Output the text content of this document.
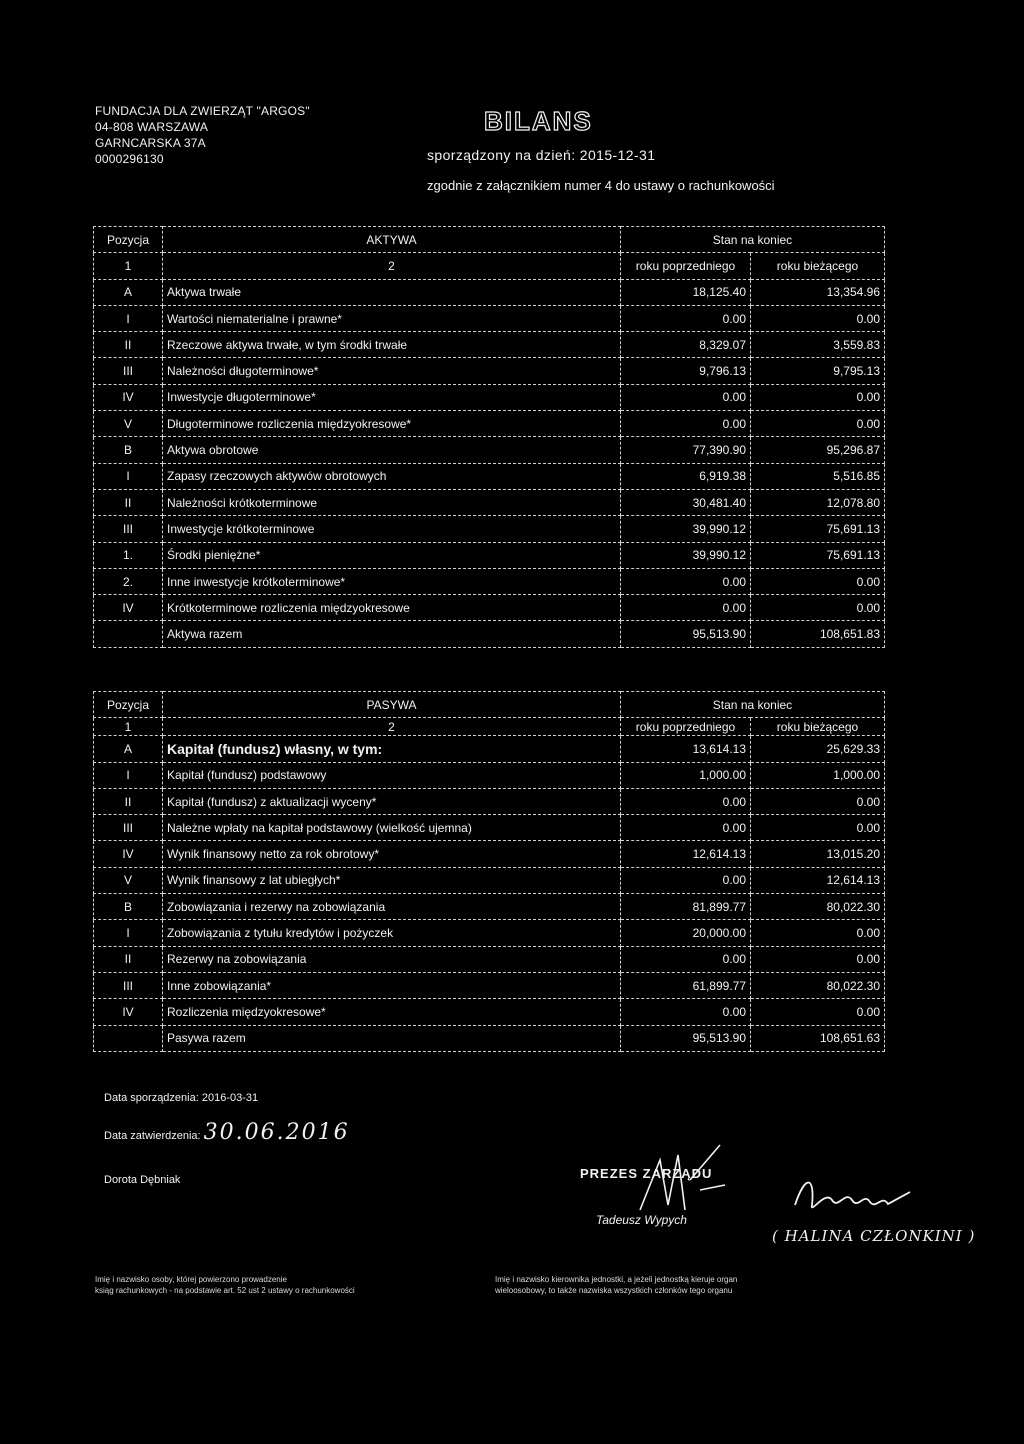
FUNDACJA DLA ZWIERZĄT "ARGOS"
04-808 WARSZAWA
GARNCARSKA 37A
0000296130
BILANS
sporządzony na dzień: 2015-12-31
zgodnie z załącznikiem numer 4 do ustawy o rachunkowości
Pozycja	AKTYWA	Stan na koniec	
1	2	roku poprzedniego	roku bieżącego
A	Aktywa trwałe	18,125.40	13,354.96
I	Wartości niematerialne i prawne*	0.00	0.00
II	Rzeczowe aktywa trwałe, w tym środki trwałe	8,329.07	3,559.83
III	Należności długoterminowe*	9,796.13	9,795.13
IV	Inwestycje długoterminowe*	0.00	0.00
V	Długoterminowe rozliczenia międzyokresowe*	0.00	0.00
B	Aktywa obrotowe	77,390.90	95,296.87
I	Zapasy rzeczowych aktywów obrotowych	6,919.38	5,516.85
II	Należności krótkoterminowe	30,481.40	12,078.80
III	Inwestycje krótkoterminowe	39,990.12	75,691.13
1.	Środki pieniężne*	39,990.12	75,691.13
2.	Inne inwestycje krótkoterminowe*	0.00	0.00
IV	Krótkoterminowe rozliczenia międzyokresowe	0.00	0.00
	Aktywa razem	95,513.90	108,651.83
Pozycja	PASYWA	Stan na koniec	
1	2	roku poprzedniego	roku bieżącego
A	Kapitał (fundusz) własny, w tym:	13,614.13	25,629.33
I	Kapitał (fundusz) podstawowy	1,000.00	1,000.00
II	Kapitał (fundusz) z aktualizacji wyceny*	0.00	0.00
III	Należne wpłaty na kapitał podstawowy (wielkość ujemna)	0.00	0.00
IV	Wynik finansowy netto za rok obrotowy*	12,614.13	13,015.20
V	Wynik finansowy z lat ubiegłych*	0.00	12,614.13
B	Zobowiązania i rezerwy na zobowiązania	81,899.77	80,022.30
I	Zobowiązania z tytułu kredytów i pożyczek	20,000.00	0.00
II	Rezerwy na zobowiązania	0.00	0.00
III	Inne zobowiązania*	61,899.77	80,022.30
IV	Rozliczenia międzyokresowe*	0.00	0.00
	Pasywa razem	95,513.90	108,651.63
Data sporządzenia: 2016-03-31
Data zatwierdzenia: 30.06.2016
Dorota Dębniak	PREZES ZARZĄDU
Tadeusz Wypych
( HALINA CZŁONKINI )
Imię i nazwisko osoby, której powierzono prowadzenie
ksiąg rachunkowych - na podstawie art. 52 ust 2 ustawy o rachunkowości
Imię i nazwisko kierownika jednostki, a jeżeli jednostką kieruje organ
wieloosobowy, to także nazwiska wszystkich członków tego organu
